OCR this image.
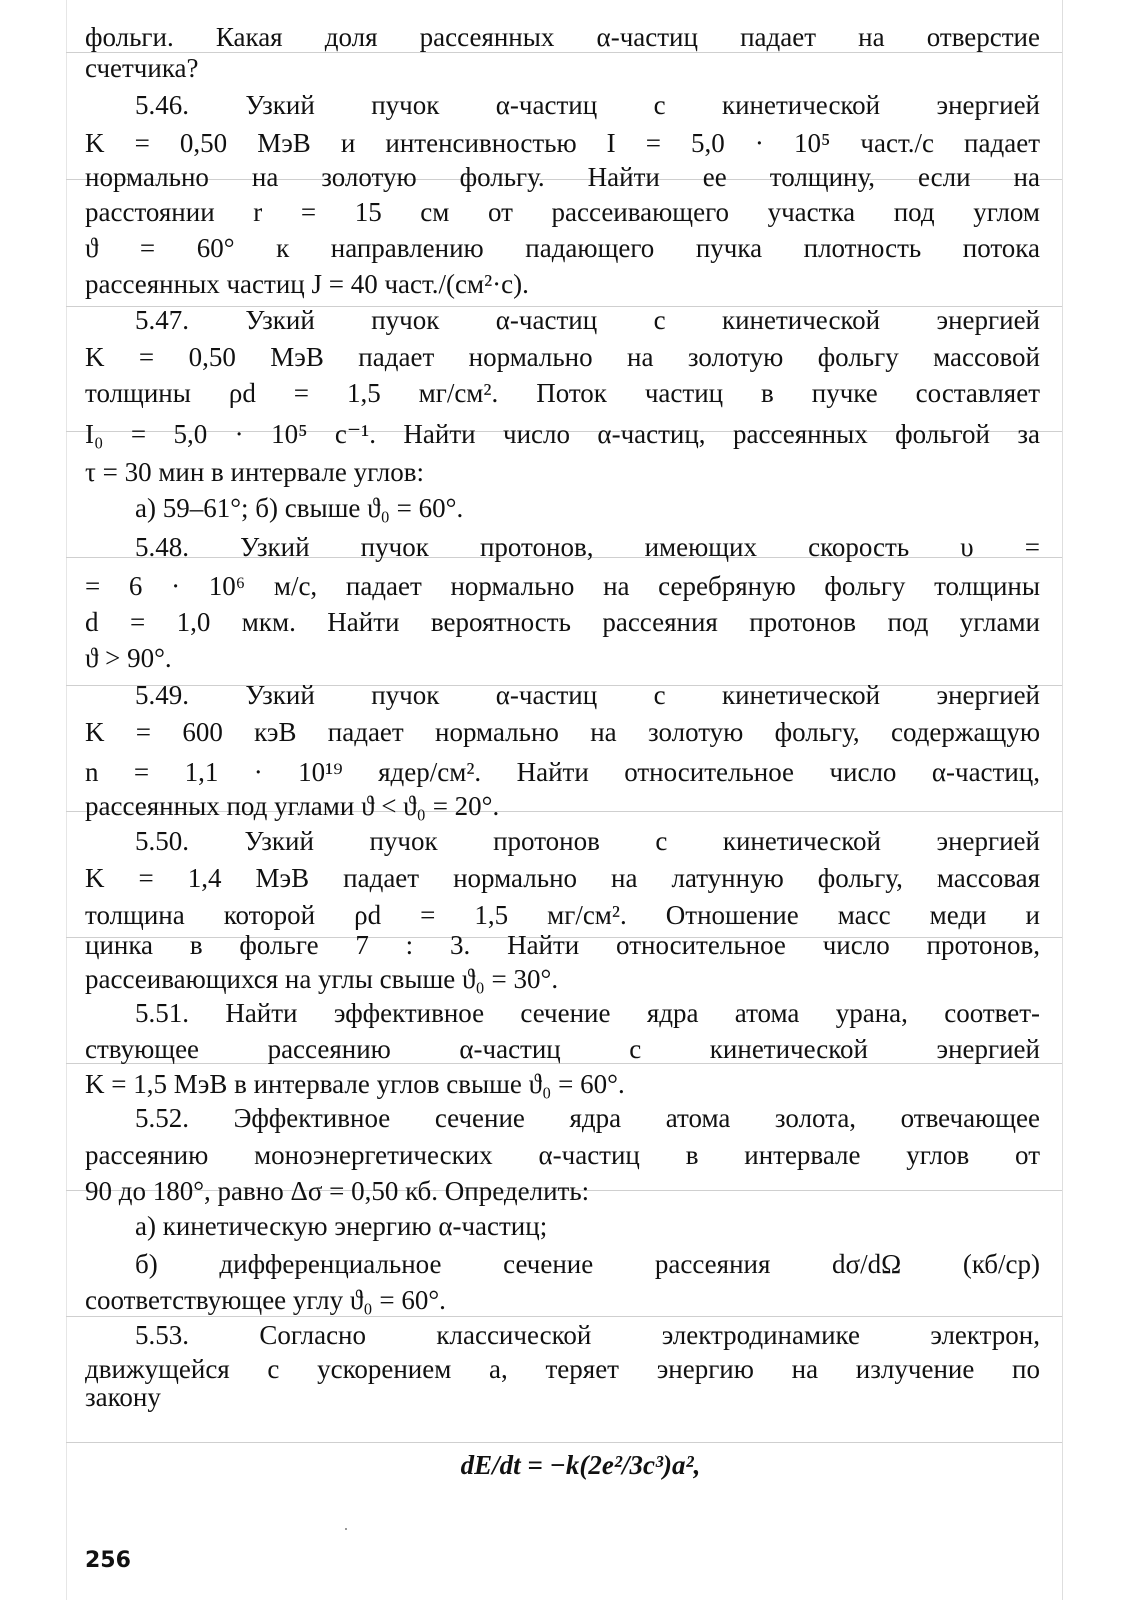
фольги. Какая доля рассеянных α-частиц падает на отверстие

счетчика?

5.46. Узкий пучок α-частиц с кинетической энергией

K = 0,50 МэВ и интенсивностью I = 5,0 · 10⁵ част./с падает

нормально на золотую фольгу. Найти ее толщину, если на

расстоянии r = 15 см от рассеивающего участка под углом

ϑ = 60° к направлению падающего пучка плотность потока

рассеянных частиц J = 40 част./(см²·с).

5.47. Узкий пучок α-частиц с кинетической энергией

K = 0,50 МэВ падает нормально на золотую фольгу массовой

толщины ρd = 1,5 мг/см². Поток частиц в пучке составляет

I₀ = 5,0 · 10⁵ с⁻¹. Найти число α-частиц, рассеянных фольгой за

τ = 30 мин в интервале углов:

а) 59–61°; б) свыше ϑ₀ = 60°.

5.48. Узкий пучок протонов, имеющих скорость υ =

= 6 · 10⁶ м/с, падает нормально на серебряную фольгу толщины

d = 1,0 мкм. Найти вероятность рассеяния протонов под углами

ϑ > 90°.

5.49. Узкий пучок α-частиц с кинетической энергией

K = 600 кэВ падает нормально на золотую фольгу, содержащую

n = 1,1 · 10¹⁹ ядер/см². Найти относительное число α-частиц,

рассеянных под углами ϑ < ϑ₀ = 20°.

5.50. Узкий пучок протонов с кинетической энергией

K = 1,4 МэВ падает нормально на латунную фольгу, массовая

толщина которой ρd = 1,5 мг/см². Отношение масс меди и

цинка в фольге 7 : 3. Найти относительное число протонов,

рассеивающихся на углы свыше ϑ₀ = 30°.

5.51. Найти эффективное сечение ядра атома урана, соответ-

ствующее рассеянию α-частиц с кинетической энергией

K = 1,5 МэВ в интервале углов свыше ϑ₀ = 60°.

5.52. Эффективное сечение ядра атома золота, отвечающее

рассеянию моноэнергетических α-частиц в интервале углов от

90 до 180°, равно Δσ = 0,50 кб. Определить:

а) кинетическую энергию α-частиц;

б) дифференциальное сечение рассеяния dσ/dΩ (кб/ср)

соответствующее углу ϑ₀ = 60°.

5.53. Согласно классической электродинамике электрон,

движущейся с ускорением a, теряет энергию на излучение по

закону

dE/dt = −k(2e²/3c³)a²,
256
